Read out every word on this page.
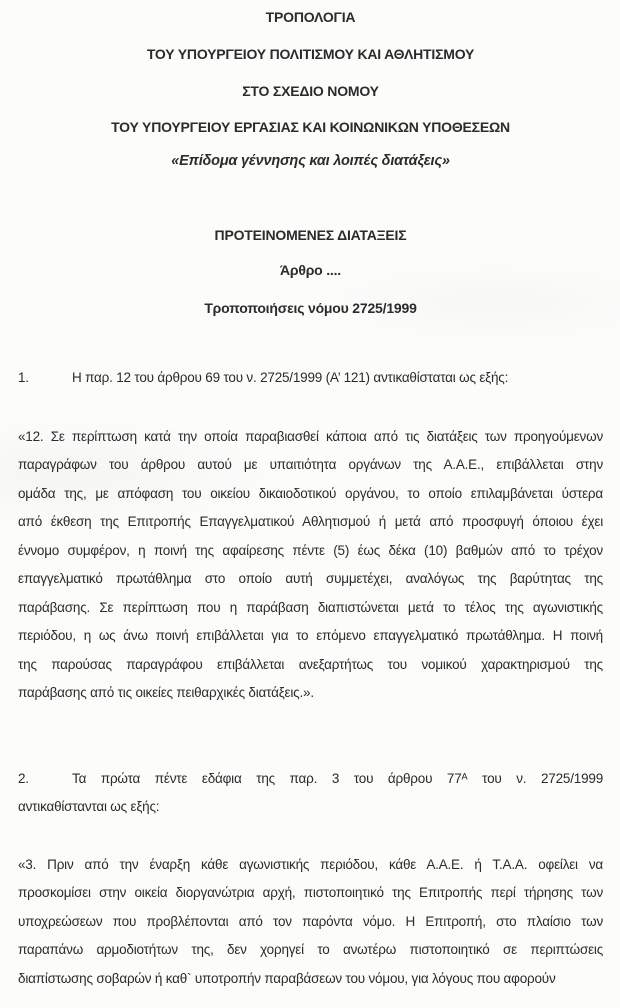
ΤΡΟΠΟΛΟΓΙΑ
ΤΟΥ ΥΠΟΥΡΓΕΙΟΥ ΠΟΛΙΤΙΣΜΟΥ ΚΑΙ ΑΘΛΗΤΙΣΜΟΥ
ΣΤΟ ΣΧΕΔΙΟ ΝΟΜΟΥ
ΤΟΥ ΥΠΟΥΡΓΕΙΟΥ ΕΡΓΑΣΙΑΣ ΚΑΙ ΚΟΙΝΩΝΙΚΩΝ ΥΠΟΘΕΣΕΩΝ
«Επίδομα γέννησης και λοιπές διατάξεις»
ΠΡΟΤΕΙΝΟΜΕΝΕΣ ΔΙΑΤΑΞΕΙΣ
Άρθρο ....
Τροποποιήσεις νόμου 2725/1999
1.	Η παρ. 12 του άρθρου 69 του ν. 2725/1999 (Α’ 121) αντικαθίσταται ως εξής:
«12. Σε περίπτωση κατά την οποία παραβιασθεί κάποια από τις διατάξεις των προηγούμενων
παραγράφων του άρθρου αυτού με υπαιτιότητα οργάνων της Α.Α.Ε., επιβάλλεται στην
ομάδα της, με απόφαση του οικείου δικαιοδοτικού οργάνου, το οποίο επιλαμβάνεται ύστερα
από έκθεση της Επιτροπής Επαγγελματικού Αθλητισμού ή μετά από προσφυγή όποιου έχει
έννομο συμφέρον, η ποινή της αφαίρεσης πέντε (5) έως δέκα (10) βαθμών από το τρέχον
επαγγελματικό πρωτάθλημα στο οποίο αυτή συμμετέχει, αναλόγως της βαρύτητας της
παράβασης. Σε περίπτωση που η παράβαση διαπιστώνεται μετά το τέλος της αγωνιστικής
περιόδου, η ως άνω ποινή επιβάλλεται για το επόμενο επαγγελματικό πρωτάθλημα. Η ποινή
της παρούσας παραγράφου επιβάλλεται ανεξαρτήτως του νομικού χαρακτηρισμού της
παράβασης από τις οικείες πειθαρχικές διατάξεις.».
2.	Τα πρώτα πέντε εδάφια της παρ. 3 του άρθρου 77ᴬ του ν. 2725/1999
αντικαθίστανται ως εξής:
«3. Πριν από την έναρξη κάθε αγωνιστικής περιόδου, κάθε Α.Α.Ε. ή Τ.Α.Α. οφείλει να
προσκομίσει στην οικεία διοργανώτρια αρχή, πιστοποιητικό της Επιτροπής περί τήρησης των
υποχρεώσεων που προβλέπονται από τον παρόντα νόμο. Η Επιτροπή, στο πλαίσιο των
παραπάνω αρμοδιοτήτων της, δεν χορηγεί το ανωτέρω πιστοποιητικό σε περιπτώσεις
διαπίστωσης σοβαρών ή καθ` υποτροπήν παραβάσεων του νόμου, για λόγους που αφορούν
